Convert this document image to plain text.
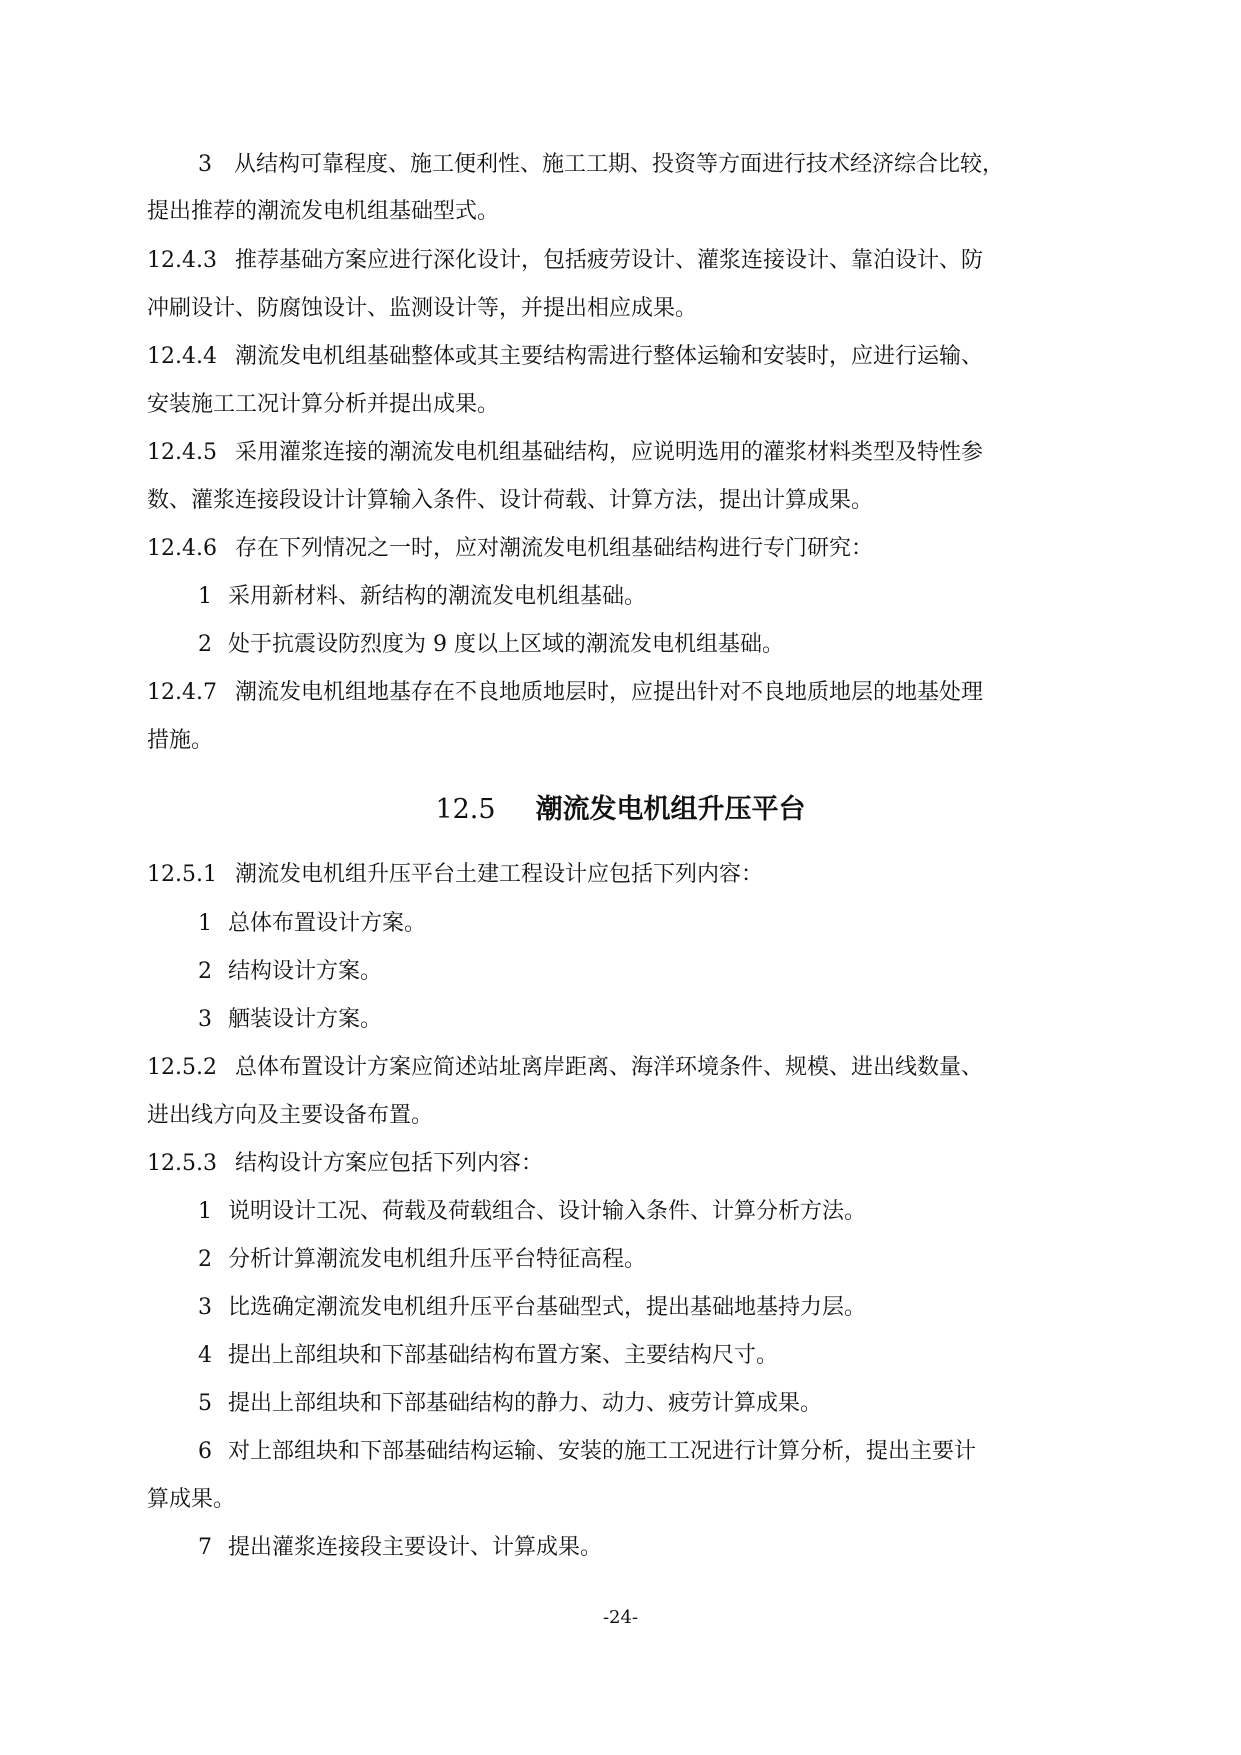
3　从结构可靠程度、施工便利性、施工工期、投资等方面进行技术经济综合比较，
提出推荐的潮流发电机组基础型式。
12.4.3 推荐基础方案应进行深化设计，包括疲劳设计、灌浆连接设计、靠泊设计、防
冲刷设计、防腐蚀设计、监测设计等，并提出相应成果。
12.4.4 潮流发电机组基础整体或其主要结构需进行整体运输和安装时，应进行运输、
安装施工工况计算分析并提出成果。
12.4.5 采用灌浆连接的潮流发电机组基础结构，应说明选用的灌浆材料类型及特性参
数、灌浆连接段设计计算输入条件、设计荷载、计算方法，提出计算成果。
12.4.6 存在下列情况之一时，应对潮流发电机组基础结构进行专门研究：
1 采用新材料、新结构的潮流发电机组基础。
2 处于抗震设防烈度为 9 度以上区域的潮流发电机组基础。
12.4.7 潮流发电机组地基存在不良地质地层时，应提出针对不良地质地层的地基处理
措施。
12.5 潮流发电机组升压平台
12.5.1 潮流发电机组升压平台土建工程设计应包括下列内容：
1 总体布置设计方案。
2 结构设计方案。
3 舾装设计方案。
12.5.2 总体布置设计方案应简述站址离岸距离、海洋环境条件、规模、进出线数量、
进出线方向及主要设备布置。
12.5.3 结构设计方案应包括下列内容：
1 说明设计工况、荷载及荷载组合、设计输入条件、计算分析方法。
2 分析计算潮流发电机组升压平台特征高程。
3 比选确定潮流发电机组升压平台基础型式，提出基础地基持力层。
4 提出上部组块和下部基础结构布置方案、主要结构尺寸。
5 提出上部组块和下部基础结构的静力、动力、疲劳计算成果。
6 对上部组块和下部基础结构运输、安装的施工工况进行计算分析，提出主要计
算成果。
7 提出灌浆连接段主要设计、计算成果。
-24-
